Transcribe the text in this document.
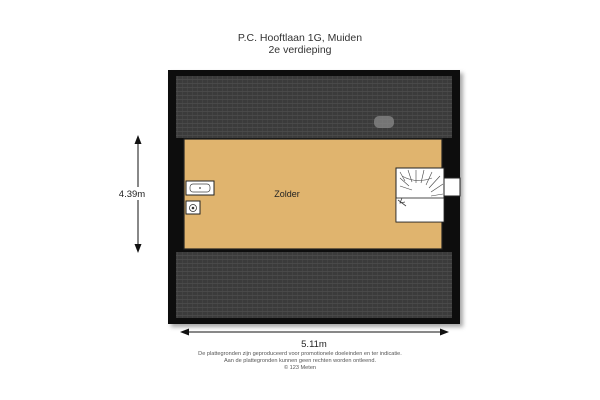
P.C. Hooftlaan 1G, Muiden
2e verdieping
Zolder
4.39m
5.11m
De plattegronden zijn geproduceerd voor promotionele doeleinden en ter indicatie.
Aan de plattegronden kunnen geen rechten worden ontleend.
© 123 Meten
